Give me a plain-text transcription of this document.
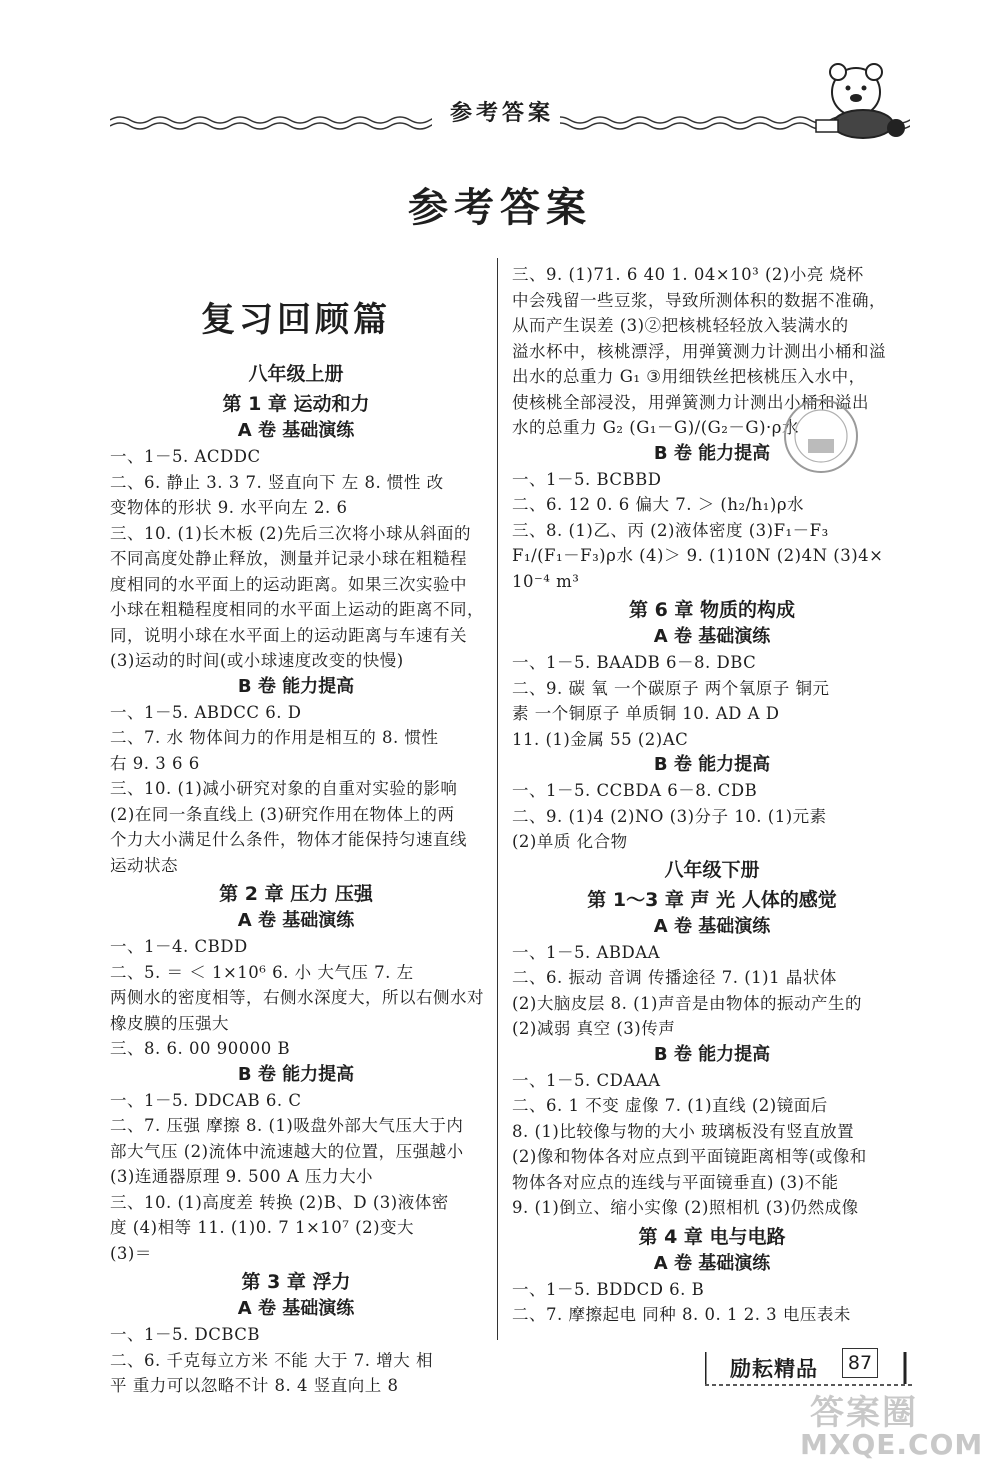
参考答案
参考答案
复习回顾篇
八年级上册
第 1 章 运动和力
A 卷 基础演练
一、1－5. ACDDC
二、6. 静止 3. 3 7. 竖直向下 左 8. 惯性 改
变物体的形状 9. 水平向左 2. 6
三、10. (1)长木板 (2)先后三次将小球从斜面的
不同高度处静止释放，测量并记录小球在粗糙程
度相同的水平面上的运动距离。如果三次实验中
小球在粗糙程度相同的水平面上运动的距离不同，
同，说明小球在水平面上的运动距离与车速有关
(3)运动的时间(或小球速度改变的快慢)
B 卷 能力提高
一、1－5. ABDCC 6. D
二、7. 水 物体间力的作用是相互的 8. 惯性
右 9. 3 6 6
三、10. (1)减小研究对象的自重对实验的影响
(2)在同一条直线上 (3)研究作用在物体上的两
个力大小满足什么条件，物体才能保持匀速直线
运动状态
第 2 章 压力 压强
A 卷 基础演练
一、1－4. CBDD
二、5. ＝ ＜ 1×10⁶ 6. 小 大气压 7. 左
两侧水的密度相等，右侧水深度大，所以右侧水对
橡皮膜的压强大
三、8. 6. 00 90000 B
B 卷 能力提高
一、1－5. DDCAB 6. C
二、7. 压强 摩擦 8. (1)吸盘外部大气压大于内
部大气压 (2)流体中流速越大的位置，压强越小
(3)连通器原理 9. 500 A 压力大小
三、10. (1)高度差 转换 (2)B、D (3)液体密
度 (4)相等 11. (1)0. 7 1×10⁷ (2)变大
(3)＝
第 3 章 浮力
A 卷 基础演练
一、1－5. DCBCB
二、6. 千克每立方米 不能 大于 7. 增大 相
平 重力可以忽略不计 8. 4 竖直向上 8
三、9. (1)71. 6 40 1. 04×10³ (2)小亮 烧杯
中会残留一些豆浆，导致所测体积的数据不准确，
从而产生误差 (3)②把核桃轻轻放入装满水的
溢水杯中，核桃漂浮，用弹簧测力计测出小桶和溢
出水的总重力 G₁ ③用细铁丝把核桃压入水中，
使核桃全部浸没，用弹簧测力计测出小桶和溢出
水的总重力 G₂ (G₁－G)/(G₂－G)·ρ水
B 卷 能力提高
一、1－5. BCBBD
二、6. 12 0. 6 偏大 7. ＞ (h₂/h₁)ρ水
三、8. (1)乙、丙 (2)液体密度 (3)F₁－F₃
F₁/(F₁－F₃)ρ水 (4)＞ 9. (1)10N (2)4N (3)4×
10⁻⁴ m³
第 6 章 物质的构成
A 卷 基础演练
一、1－5. BAADB 6－8. DBC
二、9. 碳 氧 一个碳原子 两个氧原子 铜元
素 一个铜原子 单质铜 10. AD A D
11. (1)金属 55 (2)AC
B 卷 能力提高
一、1－5. CCBDA 6－8. CDB
二、9. (1)4 (2)NO (3)分子 10. (1)元素
(2)单质 化合物
八年级下册
第 1～3 章 声 光 人体的感觉
A 卷 基础演练
一、1－5. ABDAA
二、6. 振动 音调 传播途径 7. (1)1 晶状体
(2)大脑皮层 8. (1)声音是由物体的振动产生的
(2)减弱 真空 (3)传声
B 卷 能力提高
一、1－5. CDAAA
二、6. 1 不变 虚像 7. (1)直线 (2)镜面后
8. (1)比较像与物的大小 玻璃板没有竖直放置
(2)像和物体各对应点到平面镜距离相等(或像和
物体各对应点的连线与平面镜垂直) (3)不能
9. (1)倒立、缩小实像 (2)照相机 (3)仍然成像
第 4 章 电与电路
A 卷 基础演练
一、1－5. BDDCD 6. B
二、7. 摩擦起电 同种 8. 0. 1 2. 3 电压表未
励耘精品	87
答案圈
MXQE.COM
